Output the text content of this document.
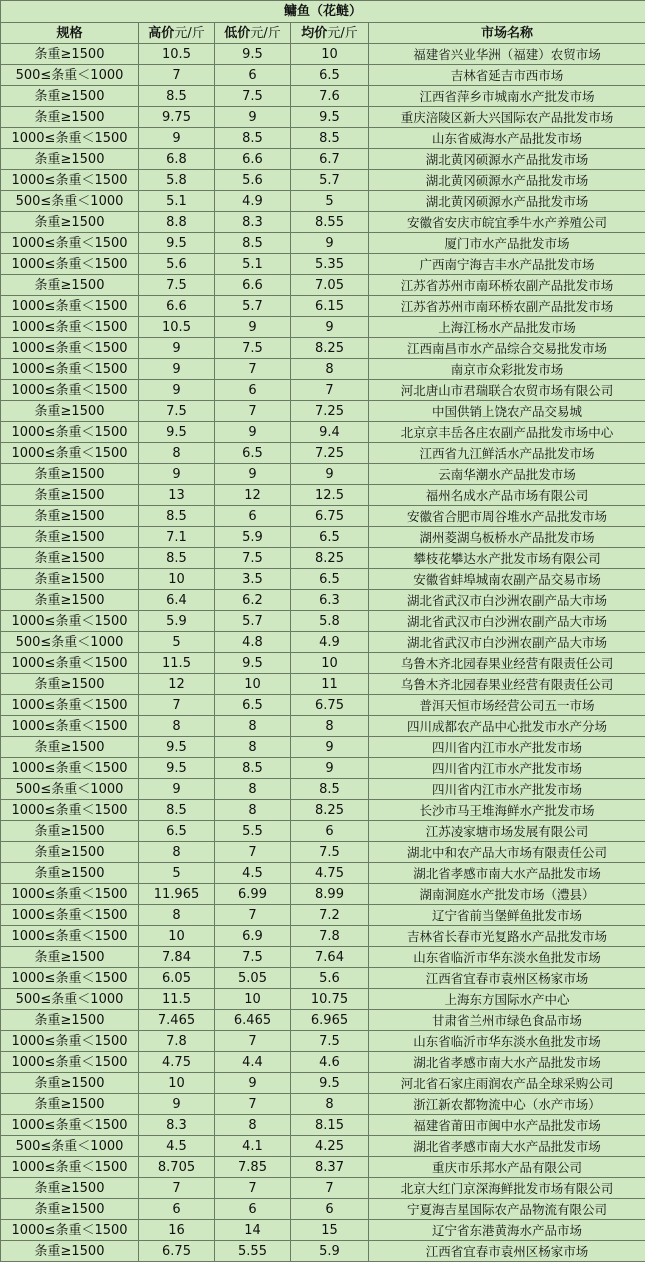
鳙鱼（花鲢）				
规格	高价元/斤	低价元/斤	均价元/斤	市场名称
条重≥1500	10.5	9.5	10	福建省兴业华洲（福建）农贸市场
500≤条重＜1000	7	6	6.5	吉林省延吉市西市场
条重≥1500	8.5	7.5	7.6	江西省萍乡市城南水产批发市场
条重≥1500	9.75	9	9.5	重庆涪陵区新大兴国际农产品批发市场
1000≤条重＜1500	9	8.5	8.5	山东省威海水产品批发市场
条重≥1500	6.8	6.6	6.7	湖北黄冈硕源水产品批发市场
1000≤条重＜1500	5.8	5.6	5.7	湖北黄冈硕源水产品批发市场
500≤条重＜1000	5.1	4.9	5	湖北黄冈硕源水产品批发市场
条重≥1500	8.8	8.3	8.55	安徽省安庆市皖宜季牛水产养殖公司
1000≤条重＜1500	9.5	8.5	9	厦门市水产品批发市场
1000≤条重＜1500	5.6	5.1	5.35	广西南宁海吉丰水产品批发市场
条重≥1500	7.5	6.6	7.05	江苏省苏州市南环桥农副产品批发市场
1000≤条重＜1500	6.6	5.7	6.15	江苏省苏州市南环桥农副产品批发市场
1000≤条重＜1500	10.5	9	9	上海江杨水产品批发市场
1000≤条重＜1500	9	7.5	8.25	江西南昌市水产品综合交易批发市场
1000≤条重＜1500	9	7	8	南京市众彩批发市场
1000≤条重＜1500	9	6	7	河北唐山市君瑞联合农贸市场有限公司
条重≥1500	7.5	7	7.25	中国供销上饶农产品交易城
1000≤条重＜1500	9.5	9	9.4	北京京丰岳各庄农副产品批发市场中心
1000≤条重＜1500	8	6.5	7.25	江西省九江鲜活水产品批发市场
条重≥1500	9	9	9	云南华潮水产品批发市场
条重≥1500	13	12	12.5	福州名成水产品市场有限公司
条重≥1500	8.5	6	6.75	安徽省合肥市周谷堆水产品批发市场
条重≥1500	7.1	5.9	6.5	湖州菱湖乌板桥水产品批发市场
条重≥1500	8.5	7.5	8.25	攀枝花攀达水产批发市场有限公司
条重≥1500	10	3.5	6.5	安徽省蚌埠城南农副产品交易市场
条重≥1500	6.4	6.2	6.3	湖北省武汉市白沙洲农副产品大市场
1000≤条重＜1500	5.9	5.7	5.8	湖北省武汉市白沙洲农副产品大市场
500≤条重＜1000	5	4.8	4.9	湖北省武汉市白沙洲农副产品大市场
1000≤条重＜1500	11.5	9.5	10	乌鲁木齐北园春果业经营有限责任公司
条重≥1500	12	10	11	乌鲁木齐北园春果业经营有限责任公司
1000≤条重＜1500	7	6.5	6.75	普洱天恒市场经营公司五一市场
1000≤条重＜1500	8	8	8	四川成都农产品中心批发市水产分场
条重≥1500	9.5	8	9	四川省内江市水产批发市场
1000≤条重＜1500	9.5	8.5	9	四川省内江市水产批发市场
500≤条重＜1000	9	8	8.5	四川省内江市水产批发市场
1000≤条重＜1500	8.5	8	8.25	长沙市马王堆海鲜水产批发市场
条重≥1500	6.5	5.5	6	江苏凌家塘市场发展有限公司
条重≥1500	8	7	7.5	湖北中和农产品大市场有限责任公司
条重≥1500	5	4.5	4.75	湖北省孝感市南大水产品批发市场
1000≤条重＜1500	11.965	6.99	8.99	湖南洞庭水产批发市场（澧县）
1000≤条重＜1500	8	7	7.2	辽宁省前当堡鲜鱼批发市场
1000≤条重＜1500	10	6.9	7.8	吉林省长春市光复路水产品批发市场
条重≥1500	7.84	7.5	7.64	山东省临沂市华东淡水鱼批发市场
1000≤条重＜1500	6.05	5.05	5.6	江西省宜春市袁州区杨家市场
500≤条重＜1000	11.5	10	10.75	上海东方国际水产中心
条重≥1500	7.465	6.465	6.965	甘肃省兰州市绿色食品市场
1000≤条重＜1500	7.8	7	7.5	山东省临沂市华东淡水鱼批发市场
1000≤条重＜1500	4.75	4.4	4.6	湖北省孝感市南大水产品批发市场
条重≥1500	10	9	9.5	河北省石家庄雨润农产品全球采购公司
条重≥1500	9	7	8	浙江新农都物流中心（水产市场）
1000≤条重＜1500	8.3	8	8.15	福建省莆田市闽中水产品批发市场
500≤条重＜1000	4.5	4.1	4.25	湖北省孝感市南大水产品批发市场
1000≤条重＜1500	8.705	7.85	8.37	重庆市乐邦水产品有限公司
条重≥1500	7	7	7	北京大红门京深海鲜批发市场有限公司
条重≥1500	6	6	6	宁夏海吉星国际农产品物流有限公司
1000≤条重＜1500	16	14	15	辽宁省东港黄海水产品市场
条重≥1500	6.75	5.55	5.9	江西省宜春市袁州区杨家市场
